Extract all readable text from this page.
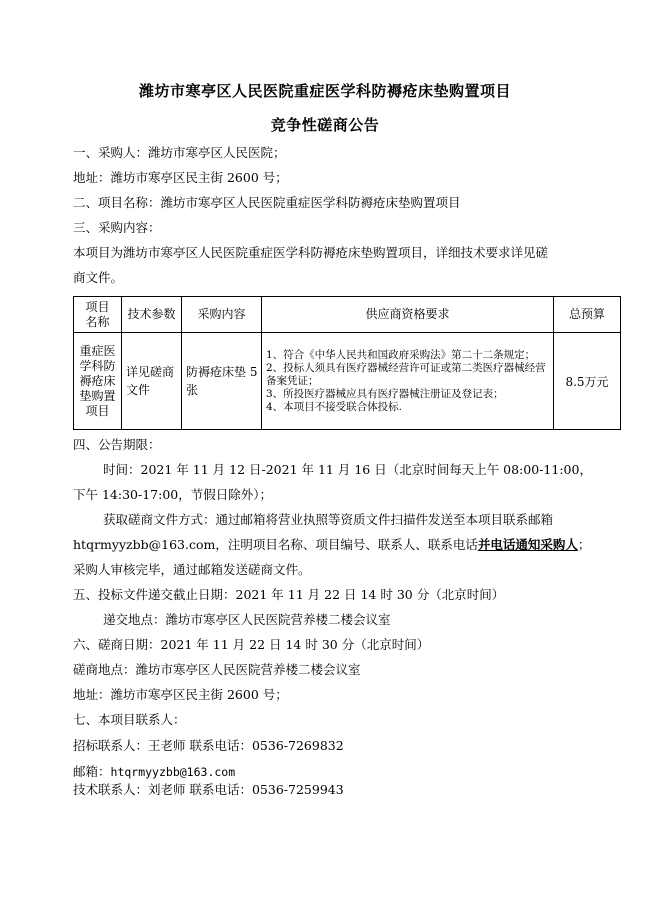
潍坊市寒亭区人民医院重症医学科防褥疮床垫购置项目
竞争性磋商公告
一、采购人：潍坊市寒亭区人民医院；
地址：潍坊市寒亭区民主街 2600 号；
二、项目名称：潍坊市寒亭区人民医院重症医学科防褥疮床垫购置项目
三、采购内容：
本项目为潍坊市寒亭区人民医院重症医学科防褥疮床垫购置项目，详细技术要求详见磋
商文件。
项目
名称	技术参数	采购内容	供应商资格要求	总预算
重症医学科防褥疮床垫购置项目	详见磋商文件	防褥疮床垫 5张	1、符合《中华人民共和国政府采购法》第二十二条规定；
2、投标人须具有医疗器械经营许可证或第二类医疗器械经营备案凭证；
3、所投医疗器械应具有医疗器械注册证及登记表；
4、本项目不接受联合体投标.	8.5万元
四、公告期限：
时间：2021 年 11 月 12 日-2021 年 11 月 16 日（北京时间每天上午 08:00-11:00，
下午 14:30-17:00，节假日除外）；
获取磋商文件方式：通过邮箱将营业执照等资质文件扫描件发送至本项目联系邮箱
htqrmyyzbb@163.com，注明项目名称、项目编号、联系人、联系电话并电话通知采购人；
采购人审核完毕，通过邮箱发送磋商文件。
五、投标文件递交截止日期：2021 年 11 月 22 日 14 时 30 分（北京时间）
递交地点：潍坊市寒亭区人民医院营养楼二楼会议室
六、磋商日期：2021 年 11 月 22 日 14 时 30 分（北京时间）
磋商地点：潍坊市寒亭区人民医院营养楼二楼会议室
地址：潍坊市寒亭区民主街 2600 号；
七、本项目联系人：
招标联系人：王老师 联系电话：0536-7269832
邮箱：htqrmyyzbb@163.com
技术联系人：刘老师 联系电话：0536-7259943
